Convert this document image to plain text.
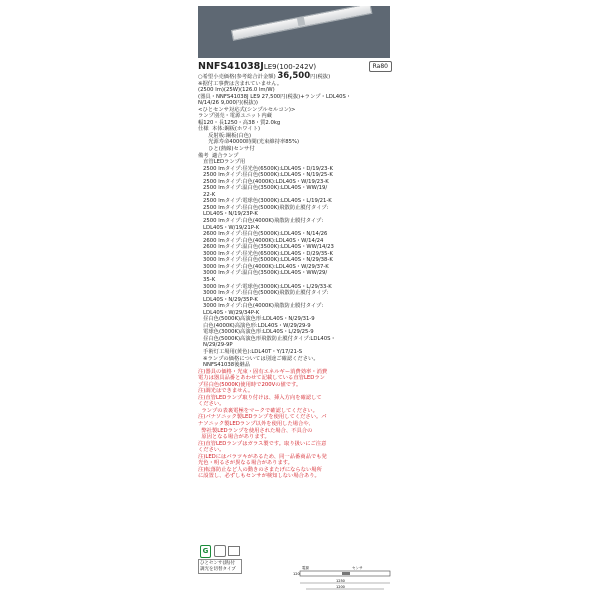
NNFS41038JLE9(100-242V)	Ra80
○希望小売価格(参考総合計金額) 36,500円(税抜)
※据付工事費は含まれていません。
(2500 lm)(25W)(126.0 lm/W)
(器具・NNFS41038J LE9 27,500円(税抜)+ランプ・LDL40S・
N/14/26 9,000円(税抜))
<ひとセンサ対応式(シンプルセルコン)>
ランプ別売・電源ユニット内蔵
幅120・長1250・高38・質2.0kg
仕様  本体:鋼板(ホワイト)
反射板:鋼板(白色)
光源寿命40000時間(光束維持率85%)
ひと(熱線)センサ付
備考  適合ランプ
直管LEDランプ用
2500 lmタイプ:昼光色(6500K):LDL40S・D/19/23-K
2500 lmタイプ:昼白色(5000K):LDL40S・N/19/25-K
2500 lmタイプ:白色(4000K):LDL40S・W/19/23-K
2500 lmタイプ:温白色(3500K):LDL40S・WW/19/
22-K
2500 lmタイプ:電球色(3000K):LDL40S・L/19/21-K
2500 lmタイプ:昼白色(5000K)飛散防止膜付タイプ:
LDL40S・N/19/23P-K
2500 lmタイプ:白色(4000K)飛散防止膜付タイプ:
LDL40S・W/19/21P-K
2600 lmタイプ:昼白色(5000K):LDL40S・N/14/26
2600 lmタイプ:白色(4000K):LDL40S・W/14/24
2600 lmタイプ:温白色(3500K):LDL40S・WW/14/23
3000 lmタイプ:昼光色(6500K):LDL40S・D/29/35-K
3000 lmタイプ:昼白色(5000K):LDL40S・N/29/38-K
3000 lmタイプ:白色(4000K):LDL40S・W/29/37-K
3000 lmタイプ:温白色(3500K):LDL40S・WW/29/
35-K
3000 lmタイプ:電球色(3000K):LDL40S・L/29/33-K
3000 lmタイプ:昼白色(5000K)飛散防止膜付タイプ:
LDL40S・N/29/35P-K
3000 lmタイプ:白色(4000K)飛散防止膜付タイプ:
LDL40S・W/29/34P-K
昼白色(5000K)高演色形:LDL40S・N/29/31-9
白色(4000K)高演色形:LDL40S・W/29/29-9
電球色(3000K)高演色形:LDL40S・L/29/25-9
昼白色(5000K)高演色形飛散防止膜付タイプ:LDL40S・
N/29/29-9P
手術灯工場用(黄色):LDL40T・Y/17/21-S
※ランプの価格については別途ご確認ください。
NNFS41038後継品
注)器具の価格・光束・固有エネルギー消費効率・消費
電力は器具品番とあわせて記載している直管LEDラン
プ昼白色(5000K)使用時で200Vの値です。
注)調光はできません。
注)直管LEDランプ取り付けは、挿入方向を確認して
ください。
ランプの表裏電極をマークで確認してください。
注)パナソニック製LEDランプを使用してください。パ
ナソニック製LEDランプ以外を使用した場合や、
弊社製LEDランプを使用された場合、不具合の
原因となる場合があります。
注)直管LEDランプはガラス製です。取り扱いにご注意
ください。
注)LEDにはバラツキがあるため、同一品番商品でも発
光色・明るさが異なる場合があります。
注)転落防止など人の動きのさまたげにならない場所
に設置し、必ずしもセンサが検知しない場合あり。

G
ひとセンサ(熱)付 調光を切替タイプ
1250
1200
120
電源	センサ
